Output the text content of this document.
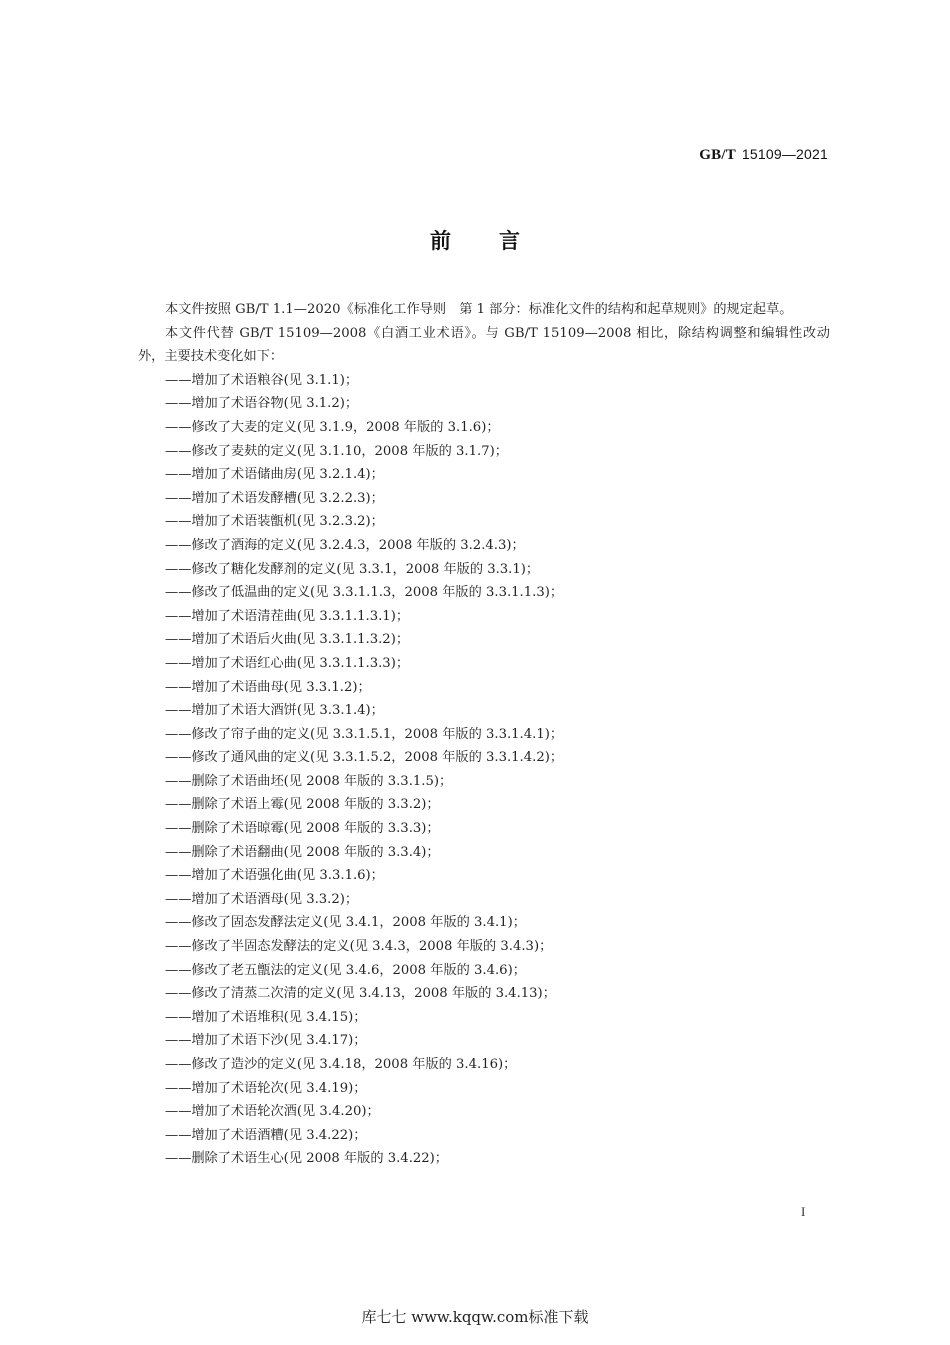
GB/T 15109—2021
前言

本文件按照 GB/T 1.1—2020《标准化工作导则　第 1 部分：标准化文件的结构和起草规则》的规定起草。

本文件代替 GB/T 15109—2008《白酒工业术语》。与 GB/T 15109—2008 相比，除结构调整和编辑性改动外，主要技术变化如下：

——增加了术语粮谷(见 3.1.1)；
——增加了术语谷物(见 3.1.2)；
——修改了大麦的定义(见 3.1.9，2008 年版的 3.1.6)；
——修改了麦麸的定义(见 3.1.10，2008 年版的 3.1.7)；
——增加了术语储曲房(见 3.2.1.4)；
——增加了术语发酵槽(见 3.2.2.3)；
——增加了术语装甑机(见 3.2.3.2)；
——修改了酒海的定义(见 3.2.4.3，2008 年版的 3.2.4.3)；
——修改了糖化发酵剂的定义(见 3.3.1，2008 年版的 3.3.1)；
——修改了低温曲的定义(见 3.3.1.1.3，2008 年版的 3.3.1.1.3)；
——增加了术语清茬曲(见 3.3.1.1.3.1)；
——增加了术语后火曲(见 3.3.1.1.3.2)；
——增加了术语红心曲(见 3.3.1.1.3.3)；
——增加了术语曲母(见 3.3.1.2)；
——增加了术语大酒饼(见 3.3.1.4)；
——修改了帘子曲的定义(见 3.3.1.5.1，2008 年版的 3.3.1.4.1)；
——修改了通风曲的定义(见 3.3.1.5.2，2008 年版的 3.3.1.4.2)；
——删除了术语曲坯(见 2008 年版的 3.3.1.5)；
——删除了术语上霉(见 2008 年版的 3.3.2)；
——删除了术语晾霉(见 2008 年版的 3.3.3)；
——删除了术语翻曲(见 2008 年版的 3.3.4)；
——增加了术语强化曲(见 3.3.1.6)；
——增加了术语酒母(见 3.3.2)；
——修改了固态发酵法定义(见 3.4.1，2008 年版的 3.4.1)；
——修改了半固态发酵法的定义(见 3.4.3，2008 年版的 3.4.3)；
——修改了老五甑法的定义(见 3.4.6，2008 年版的 3.4.6)；
——修改了清蒸二次清的定义(见 3.4.13，2008 年版的 3.4.13)；
——增加了术语堆积(见 3.4.15)；
——增加了术语下沙(见 3.4.17)；
——修改了造沙的定义(见 3.4.18，2008 年版的 3.4.16)；
——增加了术语轮次(见 3.4.19)；
——增加了术语轮次酒(见 3.4.20)；
——增加了术语酒糟(见 3.4.22)；
——删除了术语生心(见 2008 年版的 3.4.22)；
I
库七七 www.kqqw.com标准下载
